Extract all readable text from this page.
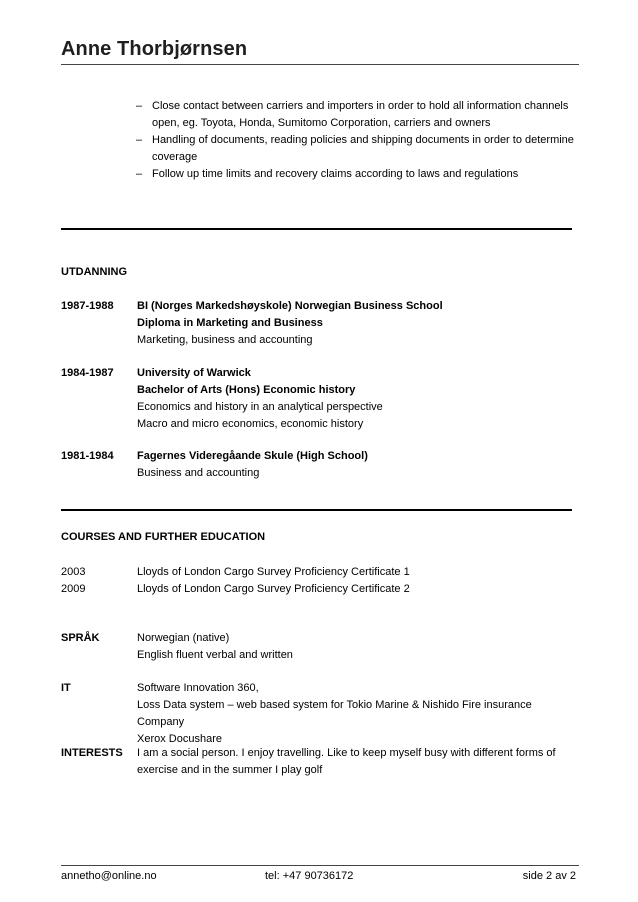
Anne Thorbjørnsen
– Close contact between carriers and importers in order to hold all information channels open, eg. Toyota, Honda, Sumitomo Corporation, carriers and owners
– Handling of documents, reading policies and shipping documents in order to determine coverage
– Follow up time limits and recovery claims according to laws and regulations
UTDANNING
1987-1988 BI (Norges Markedshøyskole) Norwegian Business School
Diploma in Marketing and Business
Marketing, business and accounting
1984-1987 University of Warwick
Bachelor of Arts (Hons) Economic history
Economics and history in an analytical perspective
Macro and micro economics, economic history
1981-1984 Fagernes Videregåande Skule (High School)
Business and accounting
COURSES AND FURTHER EDUCATION
2003	Lloyds of London Cargo Survey Proficiency Certificate 1
2009	Lloyds of London Cargo Survey Proficiency Certificate 2
SPRÅK	Norwegian (native)
English fluent verbal and written
IT	Software Innovation 360,
Loss Data system – web based system for Tokio Marine & Nishido Fire insurance Company
Xerox Docushare
INTERESTS I am a social person. I enjoy travelling. Like to keep myself busy with different forms of exercise and in the summer I play golf
annetho@online.no	tel: +47 90736172	side 2 av 2
